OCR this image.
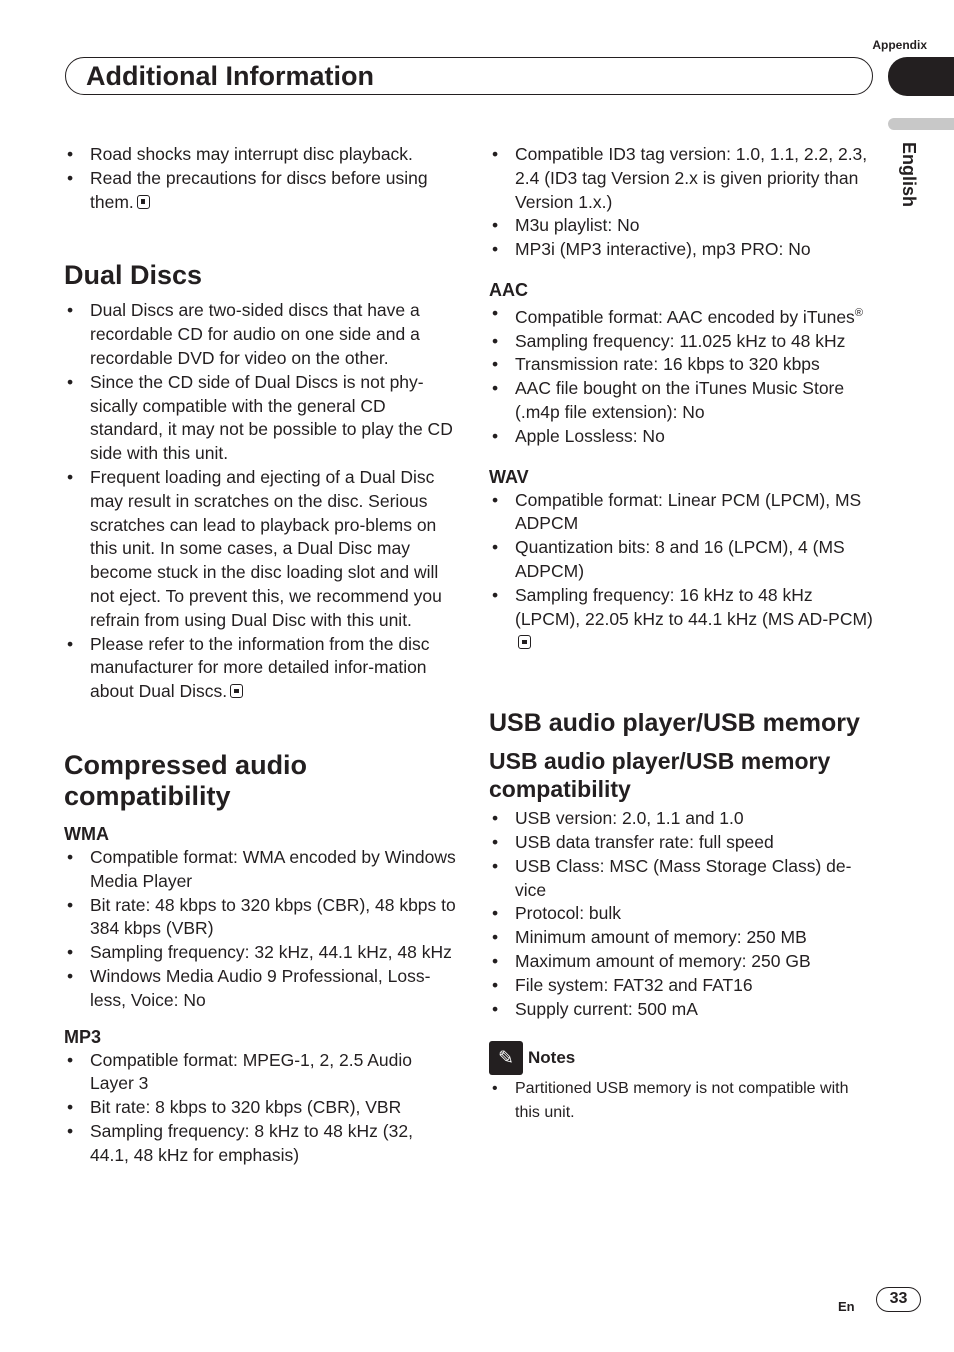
Appendix
Additional Information
English
• Road shocks may interrupt disc playback.
• Read the precautions for discs before using them.
Dual Discs
• Dual Discs are two-sided discs that have a recordable CD for audio on one side and a recordable DVD for video on the other.
• Since the CD side of Dual Discs is not phy-sically compatible with the general CD standard, it may not be possible to play the CD side with this unit.
• Frequent loading and ejecting of a Dual Disc may result in scratches on the disc. Serious scratches can lead to playback pro-blems on this unit. In some cases, a Dual Disc may become stuck in the disc loading slot and will not eject. To prevent this, we recommend you refrain from using Dual Disc with this unit.
• Please refer to the information from the disc manufacturer for more detailed infor-mation about Dual Discs.
Compressed audio compatibility
WMA
• Compatible format: WMA encoded by Windows Media Player
• Bit rate: 48 kbps to 320 kbps (CBR), 48 kbps to 384 kbps (VBR)
• Sampling frequency: 32 kHz, 44.1 kHz, 48 kHz
• Windows Media Audio 9 Professional, Loss-less, Voice: No
MP3
• Compatible format: MPEG-1, 2, 2.5 Audio Layer 3
• Bit rate: 8 kbps to 320 kbps (CBR), VBR
• Sampling frequency: 8 kHz to 48 kHz (32, 44.1, 48 kHz for emphasis)
• Compatible ID3 tag version: 1.0, 1.1, 2.2, 2.3, 2.4 (ID3 tag Version 2.x is given priority than Version 1.x.)
• M3u playlist: No
• MP3i (MP3 interactive), mp3 PRO: No
AAC
• Compatible format: AAC encoded by iTunes®
• Sampling frequency: 11.025 kHz to 48 kHz
• Transmission rate: 16 kbps to 320 kbps
• AAC file bought on the iTunes Music Store (.m4p file extension): No
• Apple Lossless: No
WAV
• Compatible format: Linear PCM (LPCM), MS ADPCM
• Quantization bits: 8 and 16 (LPCM), 4 (MS ADPCM)
• Sampling frequency: 16 kHz to 48 kHz (LPCM), 22.05 kHz to 44.1 kHz (MS AD-PCM)
USB audio player/USB memory
USB audio player/USB memory compatibility
• USB version: 2.0, 1.1 and 1.0
• USB data transfer rate: full speed
• USB Class: MSC (Mass Storage Class) de-vice
• Protocol: bulk
• Minimum amount of memory: 250 MB
• Maximum amount of memory: 250 GB
• File system: FAT32 and FAT16
• Supply current: 500 mA
✎ Notes
• Partitioned USB memory is not compatible with this unit.
En	33
